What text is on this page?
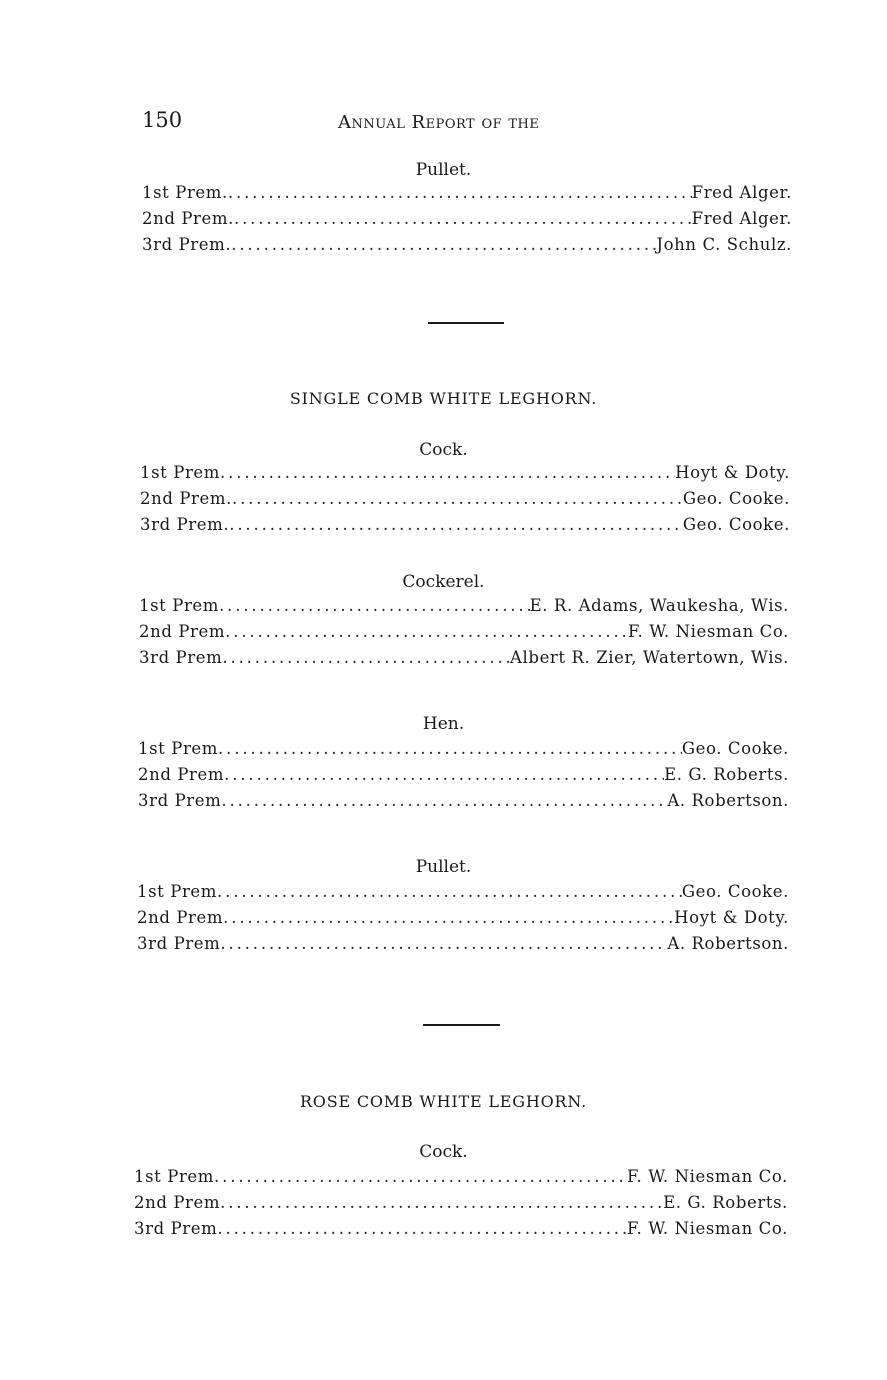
150	Annual Report of the
Pullet.
1st Prem. . . .	Fred Alger.
2nd Prem. . . .	Fred Alger.
3rd Prem. . . .	John C. Schulz.
SINGLE COMB WHITE LEGHORN.
Cock.
1st Prem . . .	Hoyt & Doty.
2nd Prem. . . .	Geo. Cooke.
3rd Prem. . . .	Geo. Cooke.
Cockerel.
1st Prem . . .	E. R. Adams, Waukesha, Wis.
2nd Prem . . .	F. W. Niesman Co.
3rd Prem . . .	Albert R. Zier, Watertown, Wis.
Hen.
1st Prem . . .	Geo. Cooke.
2nd Prem . . .	E. G. Roberts.
3rd Prem . . .	A. Robertson.
Pullet.
1st Prem . . .	Geo. Cooke.
2nd Prem . . .	Hoyt & Doty.
3rd Prem . . .	A. Robertson.
ROSE COMB WHITE LEGHORN.
Cock.
1st Prem . . .	F. W. Niesman Co.
2nd Prem . . .	E. G. Roberts.
3rd Prem . . .	F. W. Niesman Co.
